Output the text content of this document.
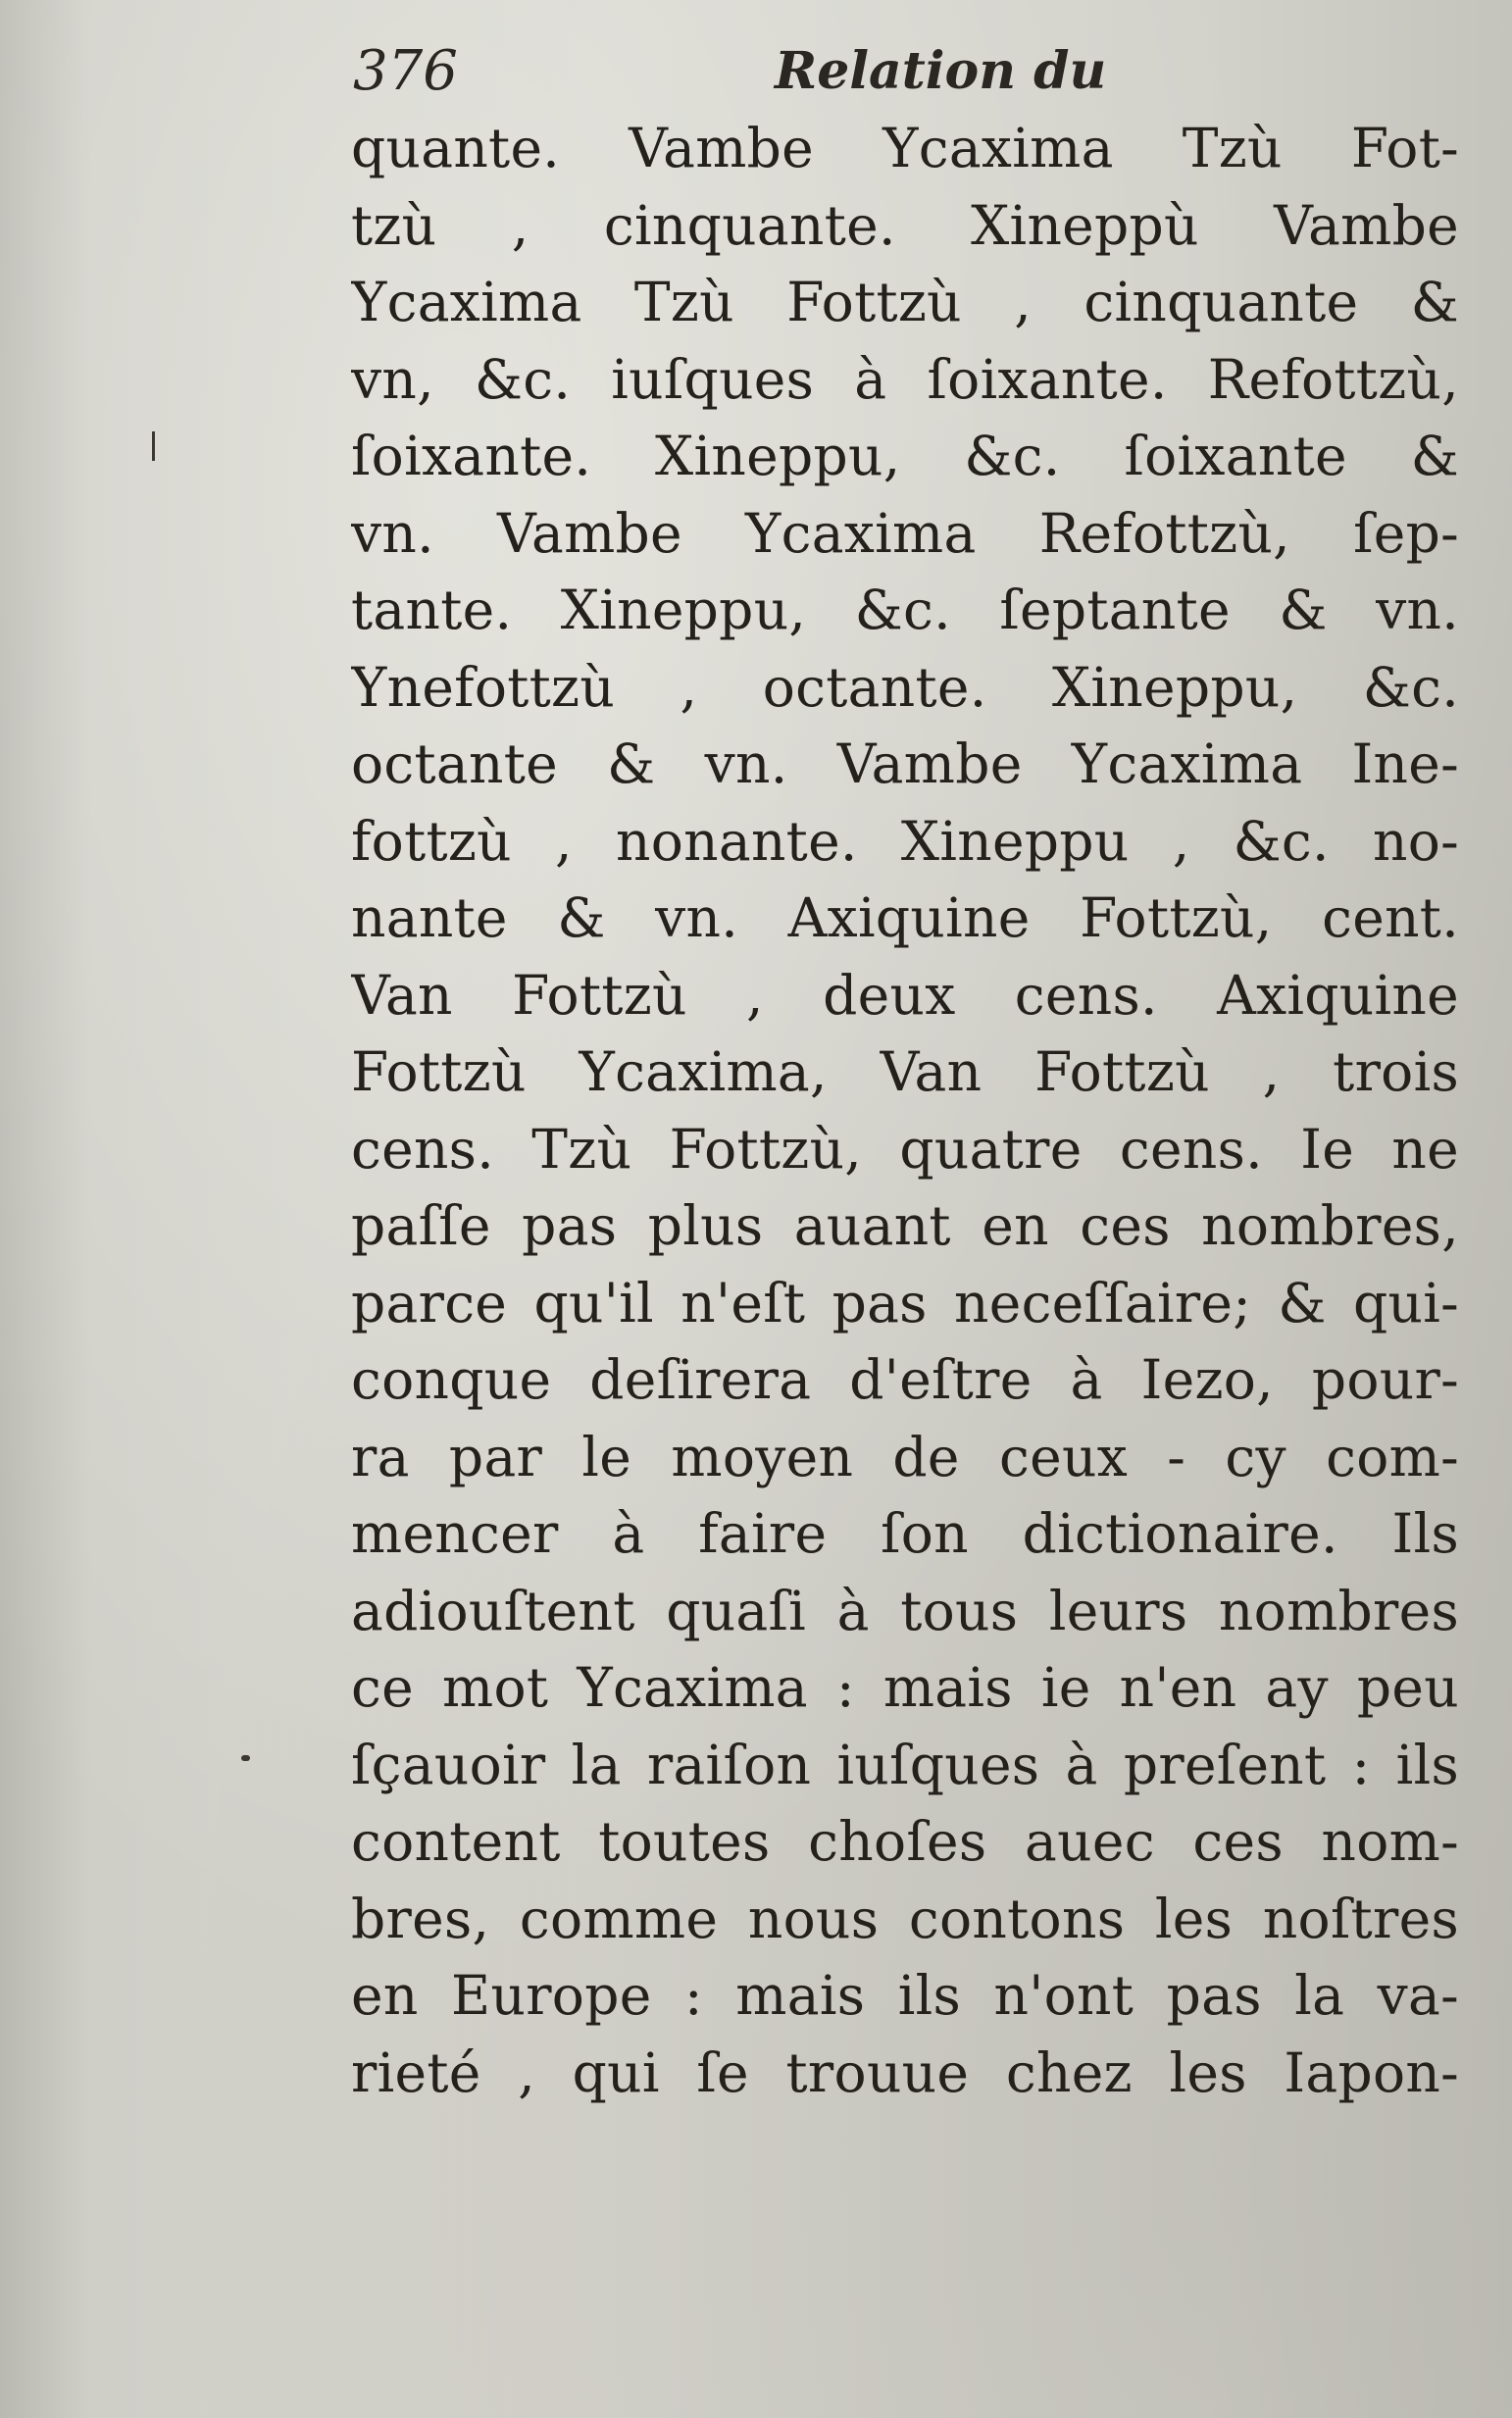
376	Relation du
quante. Vambe Ycaxima Tzù Fot-
tzù , cinquante. Xineppù Vambe
Ycaxima Tzù Fottzù , cinquante &
vn, &c. iuſques à ſoixante. Refottzù,
ſoixante. Xineppu, &c. ſoixante &
vn. Vambe Ycaxima Refottzù, ſep-
tante. Xineppu, &c. ſeptante & vn.
Ynefottzù , octante. Xineppu, &c.
octante & vn. Vambe Ycaxima Ine-
fottzù , nonante. Xineppu , &c. no-
nante & vn. Axiquine Fottzù, cent.
Van Fottzù , deux cens. Axiquine
Fottzù Ycaxima, Van Fottzù , trois
cens. Tzù Fottzù, quatre cens. Ie ne
paſſe pas plus auant en ces nombres,
parce qu'il n'eſt pas neceſſaire; & qui-
conque deſirera d'eſtre à Iezo, pour-
ra par le moyen de ceux - cy com-
mencer à faire ſon dictionaire. Ils
adiouſtent quaſi à tous leurs nombres
ce mot Ycaxima : mais ie n'en ay peu
ſçauoir la raiſon iuſques à preſent : ils
content toutes choſes auec ces nom-
bres, comme nous contons les noſtres
en Europe : mais ils n'ont pas la va-
rieté , qui ſe trouue chez les Iapon-
